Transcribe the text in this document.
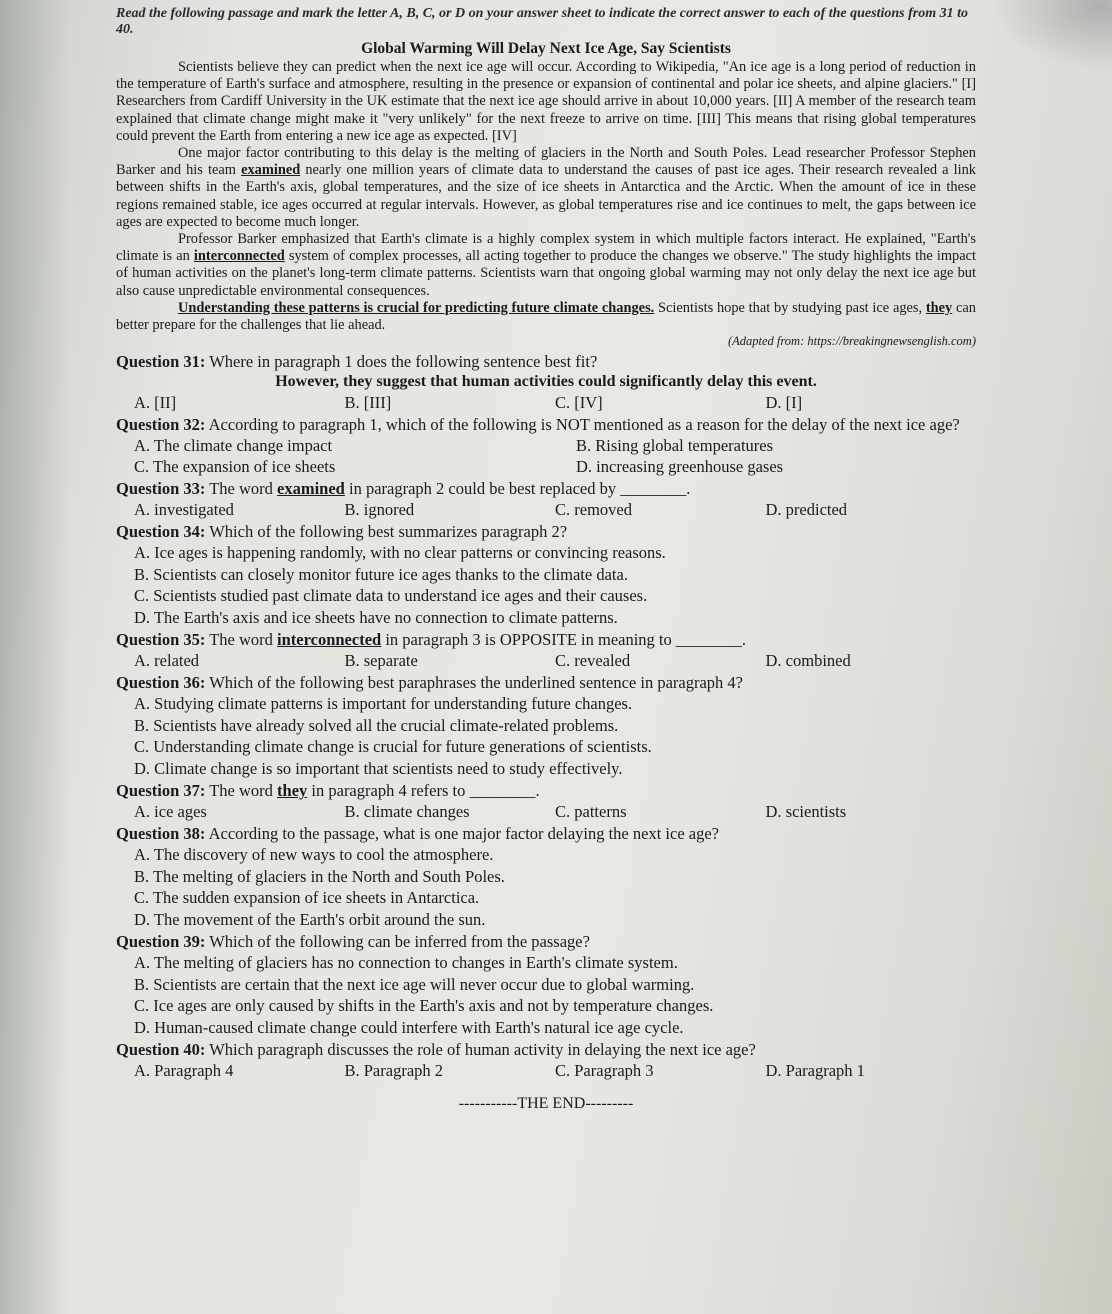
Read the following passage and mark the letter A, B, C, or D on your answer sheet to indicate the correct answer to each of the questions from 31 to 40.
Global Warming Will Delay Next Ice Age, Say Scientists

Scientists believe they can predict when the next ice age will occur. According to Wikipedia, "An ice age is a long period of reduction in the temperature of Earth's surface and atmosphere, resulting in the presence or expansion of continental and polar ice sheets, and alpine glaciers." [I] Researchers from Cardiff University in the UK estimate that the next ice age should arrive in about 10,000 years. [II] A member of the research team explained that climate change might make it "very unlikely" for the next freeze to arrive on time. [III] This means that rising global temperatures could prevent the Earth from entering a new ice age as expected. [IV]

One major factor contributing to this delay is the melting of glaciers in the North and South Poles. Lead researcher Professor Stephen Barker and his team examined nearly one million years of climate data to understand the causes of past ice ages. Their research revealed a link between shifts in the Earth's axis, global temperatures, and the size of ice sheets in Antarctica and the Arctic. When the amount of ice in these regions remained stable, ice ages occurred at regular intervals. However, as global temperatures rise and ice continues to melt, the gaps between ice ages are expected to become much longer.

Professor Barker emphasized that Earth's climate is a highly complex system in which multiple factors interact. He explained, "Earth's climate is an interconnected system of complex processes, all acting together to produce the changes we observe." The study highlights the impact of human activities on the planet's long-term climate patterns. Scientists warn that ongoing global warming may not only delay the next ice age but also cause unpredictable environmental consequences.

Understanding these patterns is crucial for predicting future climate changes. Scientists hope that by studying past ice ages, they can better prepare for the challenges that lie ahead.

(Adapted from: https://breakingnewsenglish.com)
Question 31: Where in paragraph 1 does the following sentence best fit?
However, they suggest that human activities could significantly delay this event.
A. [II]	B. [III]	C. [IV]	D. [I]
Question 32: According to paragraph 1, which of the following is NOT mentioned as a reason for the delay of the next ice age?
A. The climate change impact	B. Rising global temperatures
C. The expansion of ice sheets	D. increasing greenhouse gases
Question 33: The word examined in paragraph 2 could be best replaced by ________.
A. investigated	B. ignored	C. removed	D. predicted
Question 34: Which of the following best summarizes paragraph 2?
A. Ice ages is happening randomly, with no clear patterns or convincing reasons.
B. Scientists can closely monitor future ice ages thanks to the climate data.
C. Scientists studied past climate data to understand ice ages and their causes.
D. The Earth's axis and ice sheets have no connection to climate patterns.
Question 35: The word interconnected in paragraph 3 is OPPOSITE in meaning to ________.
A. related	B. separate	C. revealed	D. combined
Question 36: Which of the following best paraphrases the underlined sentence in paragraph 4?
A. Studying climate patterns is important for understanding future changes.
B. Scientists have already solved all the crucial climate-related problems.
C. Understanding climate change is crucial for future generations of scientists.
D. Climate change is so important that scientists need to study effectively.
Question 37: The word they in paragraph 4 refers to ________.
A. ice ages	B. climate changes	C. patterns	D. scientists
Question 38: According to the passage, what is one major factor delaying the next ice age?
A. The discovery of new ways to cool the atmosphere.
B. The melting of glaciers in the North and South Poles.
C. The sudden expansion of ice sheets in Antarctica.
D. The movement of the Earth's orbit around the sun.
Question 39: Which of the following can be inferred from the passage?
A. The melting of glaciers has no connection to changes in Earth's climate system.
B. Scientists are certain that the next ice age will never occur due to global warming.
C. Ice ages are only caused by shifts in the Earth's axis and not by temperature changes.
D. Human-caused climate change could interfere with Earth's natural ice age cycle.
Question 40: Which paragraph discusses the role of human activity in delaying the next ice age?
A. Paragraph 4	B. Paragraph 2	C. Paragraph 3	D. Paragraph 1
-----------THE END---------
